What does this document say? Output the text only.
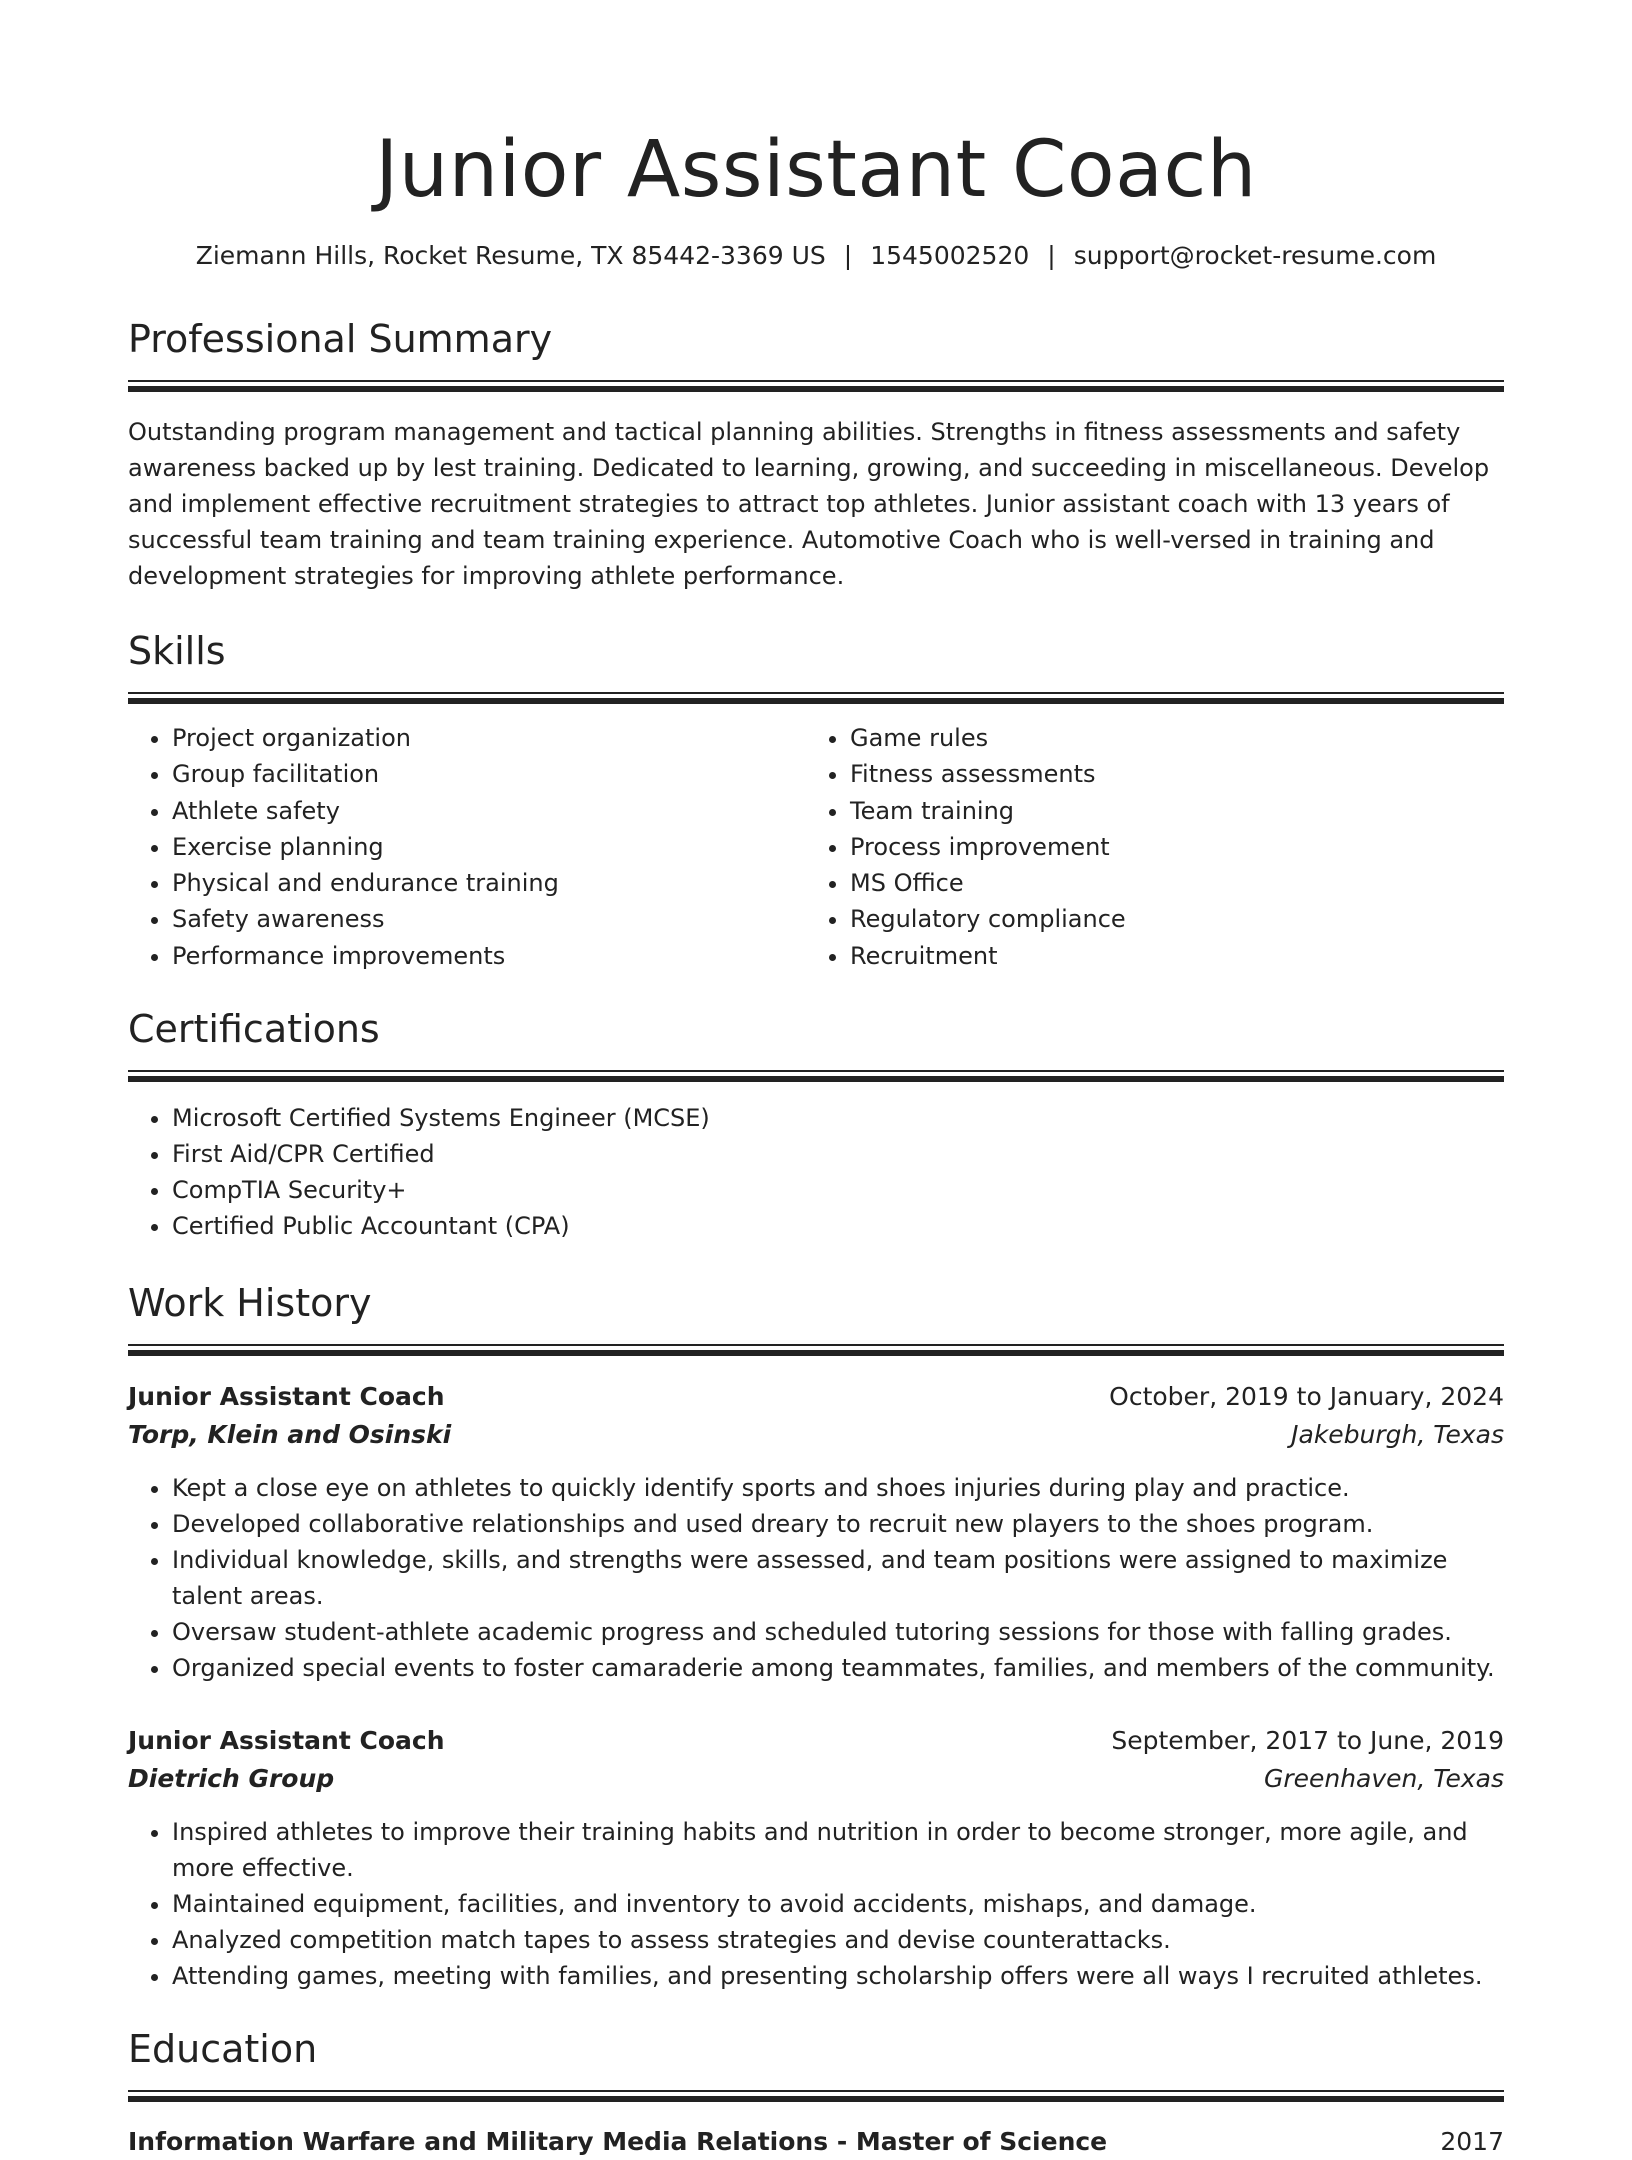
Junior Assistant Coach
Ziemann Hills, Rocket Resume, TX 85442-3369 US | 1545002520 | support@rocket-resume.com
Professional Summary

Outstanding program management and tactical planning abilities. Strengths in fitness assessments and safety awareness backed up by lest training. Dedicated to learning, growing, and succeeding in miscellaneous. Develop and implement effective recruitment strategies to attract top athletes. Junior assistant coach with 13 years of successful team training and team training experience. Automotive Coach who is well-versed in training and development strategies for improving athlete performance.

Skills
• Project organization
• Group facilitation
• Athlete safety
• Exercise planning
• Physical and endurance training
• Safety awareness
• Performance improvements
• Game rules
• Fitness assessments
• Team training
• Process improvement
• MS Office
• Regulatory compliance
• Recruitment
Certifications
• Microsoft Certified Systems Engineer (MCSE)
• First Aid/CPR Certified
• CompTIA Security+
• Certified Public Accountant (CPA)
Work History
Junior Assistant Coach	October, 2019 to January, 2024
Torp, Klein and Osinski	Jakeburgh, Texas
• Kept a close eye on athletes to quickly identify sports and shoes injuries during play and practice.
• Developed collaborative relationships and used dreary to recruit new players to the shoes program.
• Individual knowledge, skills, and strengths were assessed, and team positions were assigned to maximize talent areas.
• Oversaw student-athlete academic progress and scheduled tutoring sessions for those with falling grades.
• Organized special events to foster camaraderie among teammates, families, and members of the community.
Junior Assistant Coach	September, 2017 to June, 2019
Dietrich Group	Greenhaven, Texas
• Inspired athletes to improve their training habits and nutrition in order to become stronger, more agile, and more effective.
• Maintained equipment, facilities, and inventory to avoid accidents, mishaps, and damage.
• Analyzed competition match tapes to assess strategies and devise counterattacks.
• Attending games, meeting with families, and presenting scholarship offers were all ways I recruited athletes.
Education
Information Warfare and Military Media Relations - Master of Science	2017
